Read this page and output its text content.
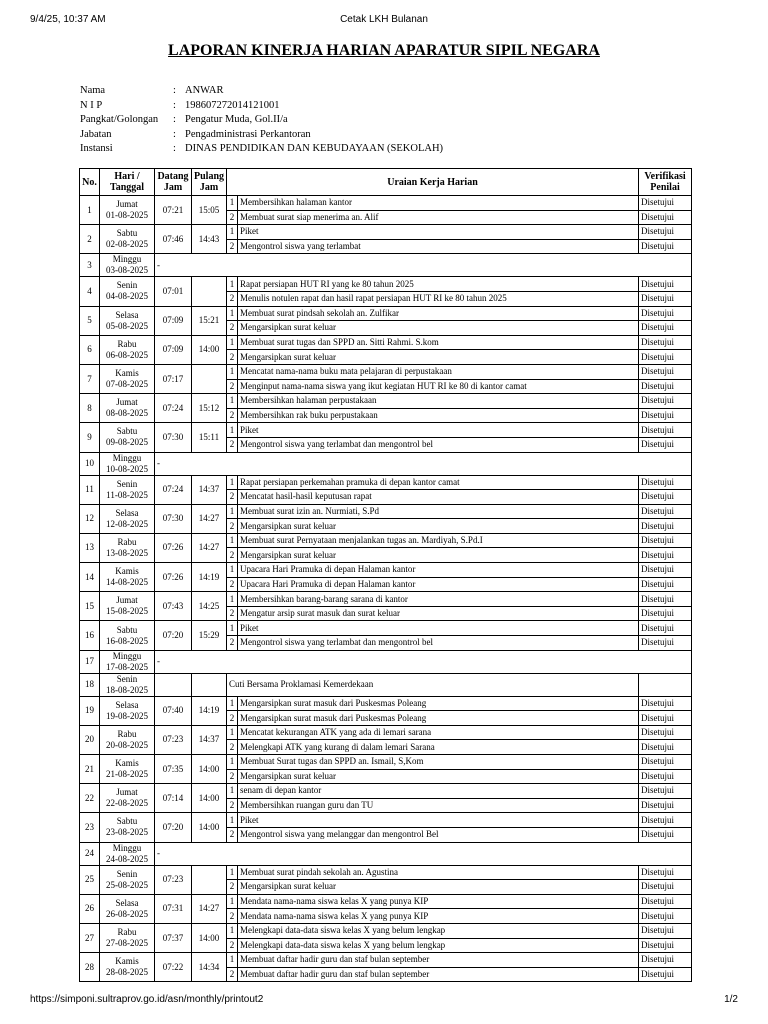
9/4/25, 10:37 AM	Cetak LKH Bulanan
LAPORAN KINERJA HARIAN APARATUR SIPIL NEGARA
Nama	: ANWAR
N I P	: 198607272014121001
Pangkat/Golongan	: Pengatur Muda, Gol.II/a
Jabatan	: Pengadministrasi Perkantoran
Instansi	: DINAS PENDIDIKAN DAN KEBUDAYAAN (SEKOLAH)
No.	Hari / Tanggal	Datang Jam	Pulang Jam	Uraian Kerja Harian		Verifikasi Penilai
1	Jumat
01-08-2025	07:21	15:05	1	Membersihkan halaman kantor	Disetujui
				2	Membuat surat siap menerima an. Alif	Disetujui
2	Sabtu
02-08-2025	07:46	14:43	1	Piket	Disetujui
				2	Mengontrol siswa yang terlambat	Disetujui
3	Minggu
03-08-2025	-				

4	Senin
04-08-2025	07:01		1	Rapat persiapan HUT RI yang ke 80 tahun 2025	Disetujui
				2	Menulis notulen rapat dan hasil rapat persiapan HUT RI ke 80 tahun 2025	Disetujui
5	Selasa
05-08-2025	07:09	15:21	1	Membuat surat pindsah sekolah an. Zulfikar	Disetujui
				2	Mengarsipkan surat keluar	Disetujui
6	Rabu
06-08-2025	07:09	14:00	1	Membuat surat tugas dan SPPD an. Sitti Rahmi. S.kom	Disetujui
				2	Mengarsipkan surat keluar	Disetujui
7	Kamis
07-08-2025	07:17		1	Mencatat nama-nama buku mata pelajaran di perpustakaan	Disetujui
				2	Menginput nama-nama siswa yang ikut kegiatan HUT RI ke 80 di kantor camat	Disetujui
8	Jumat
08-08-2025	07:24	15:12	1	Membersihkan halaman perpustakaan	Disetujui
				2	Membersihkan rak buku perpustakaan	Disetujui
9	Sabtu
09-08-2025	07:30	15:11	1	Piket	Disetujui
				2	Mengontrol siswa yang terlambat dan mengontrol bel	Disetujui
10	Minggu
10-08-2025	-				

11	Senin
11-08-2025	07:24	14:37	1	Rapat persiapan perkemahan pramuka di depan kantor camat	Disetujui
				2	Mencatat hasil-hasil keputusan rapat	Disetujui
12	Selasa
12-08-2025	07:30	14:27	1	Membuat surat izin an. Nurmiati, S.Pd	Disetujui
				2	Mengarsipkan surat keluar	Disetujui
13	Rabu
13-08-2025	07:26	14:27	1	Membuat surat Pernyataan menjalankan tugas an. Mardiyah, S.Pd.I	Disetujui
				2	Mengarsipkan surat keluar	Disetujui
14	Kamis
14-08-2025	07:26	14:19	1	Upacara Hari Pramuka di depan Halaman kantor	Disetujui
				2	Upacara Hari Pramuka di depan Halaman kantor	Disetujui
15	Jumat
15-08-2025	07:43	14:25	1	Membersihkan barang-barang sarana di kantor	Disetujui
				2	Mengatur arsip surat masuk dan surat keluar	Disetujui
16	Sabtu
16-08-2025	07:20	15:29	1	Piket	Disetujui
				2	Mengontrol siswa yang terlambat dan mengontrol bel	Disetujui
17	Minggu
17-08-2025	-				

18	Senin
18-08-2025			Cuti Bersama Proklamasi Kemerdekaan		

19	Selasa
19-08-2025	07:40	14:19	1	Mengarsipkan surat masuk dari Puskesmas Poleang	Disetujui
				2	Mengarsipkan surat masuk dari Puskesmas Poleang	Disetujui
20	Rabu
20-08-2025	07:23	14:37	1	Mencatat kekurangan ATK yang ada di lemari sarana	Disetujui
				2	Melengkapi ATK yang kurang di dalam lemari Sarana	Disetujui
21	Kamis
21-08-2025	07:35	14:00	1	Membuat Surat tugas dan SPPD an. Ismail, S,Kom	Disetujui
				2	Mengarsipkan surat keluar	Disetujui
22	Jumat
22-08-2025	07:14	14:00	1	senam di depan kantor	Disetujui
				2	Membersihkan ruangan guru dan TU	Disetujui
23	Sabtu
23-08-2025	07:20	14:00	1	Piket	Disetujui
				2	Mengontrol siswa yang melanggar dan mengontrol Bel	Disetujui
24	Minggu
24-08-2025	-				

25	Senin
25-08-2025	07:23		1	Membuat surat pindah sekolah an. Agustina	Disetujui
				2	Mengarsipkan surat keluar	Disetujui
26	Selasa
26-08-2025	07:31	14:27	1	Mendata nama-nama siswa kelas X yang punya KIP	Disetujui
				2	Mendata nama-nama siswa kelas X yang punya KIP	Disetujui
27	Rabu
27-08-2025	07:37	14:00	1	Melengkapi data-data siswa kelas X yang belum lengkap	Disetujui
				2	Melengkapi data-data siswa kelas X yang belum lengkap	Disetujui
28	Kamis
28-08-2025	07:22	14:34	1	Membuat daftar hadir guru dan staf bulan september	Disetujui
				2	Membuat daftar hadir guru dan staf bulan september	Disetujui
https://simponi.sultraprov.go.id/asn/monthly/printout2	1/2
